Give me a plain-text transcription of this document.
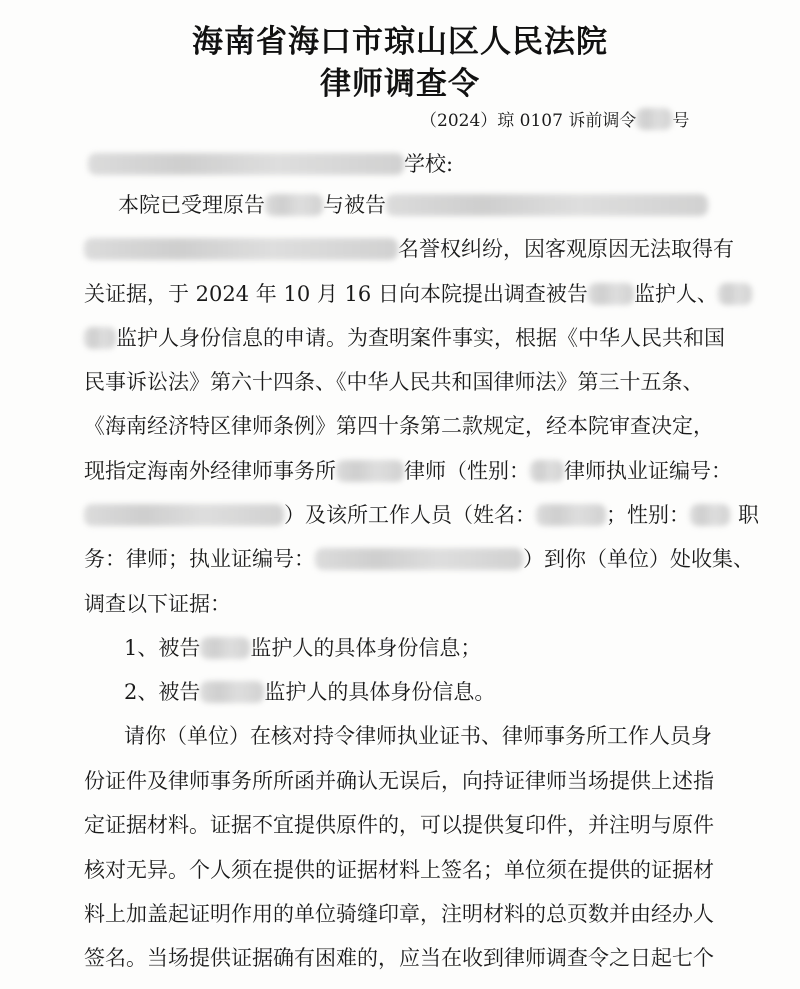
海南省海口市琼山区人民法院
律师调查令
（2024）琼 0107 诉前调令 号
学校:
本院已受理原告	与被告
名誉权纠纷，因客观原因无法取得有
关证据，于 2024 年 10 月 16 日向本院提出调查被告 监护人、
监护人身份信息的申请。为查明案件事实，根据《中华人民共和国
民事诉讼法》第六十四条、《中华人民共和国律师法》第三十五条、
《海南经济特区律师条例》第四十条第二款规定，经本院审查决定，
现指定海南外经律师事务所	律师（性别： 律师执业证编号：
）及该所工作人员（姓名：	；性别： 职
务：律师；执业证编号：	）到你（单位）处收集、
调查以下证据：
1、被告 监护人的具体身份信息；
2、被告	监护人的具体身份信息。
请你（单位）在核对持令律师执业证书、律师事务所工作人员身
份证件及律师事务所所函并确认无误后，向持证律师当场提供上述指
定证据材料。证据不宜提供原件的，可以提供复印件，并注明与原件
核对无异。个人须在提供的证据材料上签名；单位须在提供的证据材
料上加盖起证明作用的单位骑缝印章，注明材料的总页数并由经办人
签名。当场提供证据确有困难的，应当在收到律师调查令之日起七个
